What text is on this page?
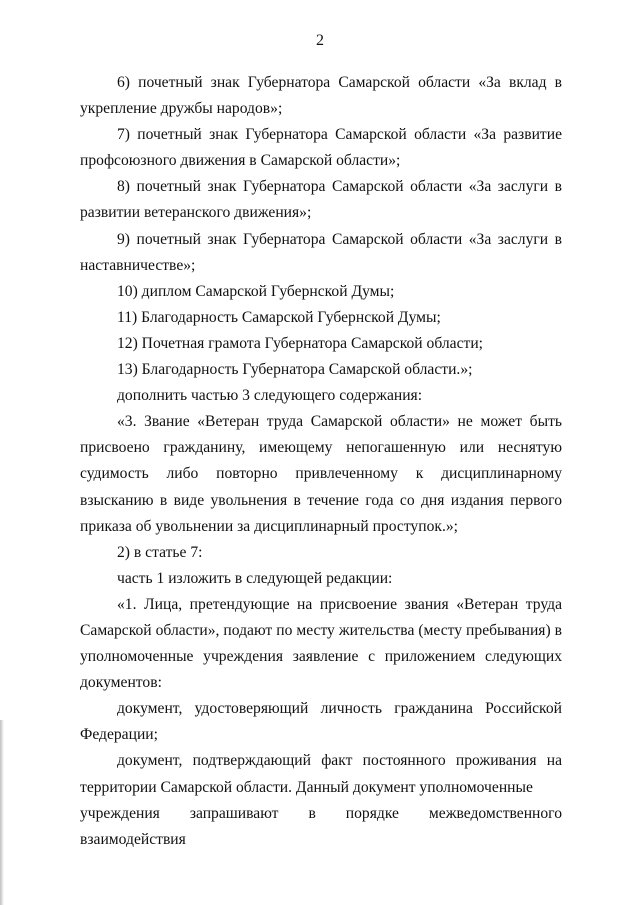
2

6) почетный знак Губернатора Самарской области «За вклад в укрепление дружбы народов»;

7) почетный знак Губернатора Самарской области «За развитие профсоюзного движения в Самарской области»;

8) почетный знак Губернатора Самарской области «За заслуги в развитии ветеранского движения»;

9) почетный знак Губернатора Самарской области «За заслуги в наставничестве»;

10) диплом Самарской Губернской Думы;

11) Благодарность Самарской Губернской Думы;

12) Почетная грамота Губернатора Самарской области;

13) Благодарность Губернатора Самарской области.»;

дополнить частью 3 следующего содержания:

«3. Звание «Ветеран труда Самарской области» не может быть присвоено гражданину, имеющему непогашенную или неснятую судимость либо повторно привлеченному к дисциплинарному взысканию в виде увольнения в течение года со дня издания первого приказа об увольнении за дисциплинарный проступок.»;

2) в статье 7:

часть 1 изложить в следующей редакции:

«1. Лица, претендующие на присвоение звания «Ветеран труда Самарской области», подают по месту жительства (месту пребывания) в уполномоченные учреждения заявление с приложением следующих документов:

документ, удостоверяющий личность гражданина Российской Федерации;

документ, подтверждающий факт постоянного проживания на территории Самарской области. Данный документ уполномоченные

учреждения запрашивают в порядке межведомственного взаимодействия
